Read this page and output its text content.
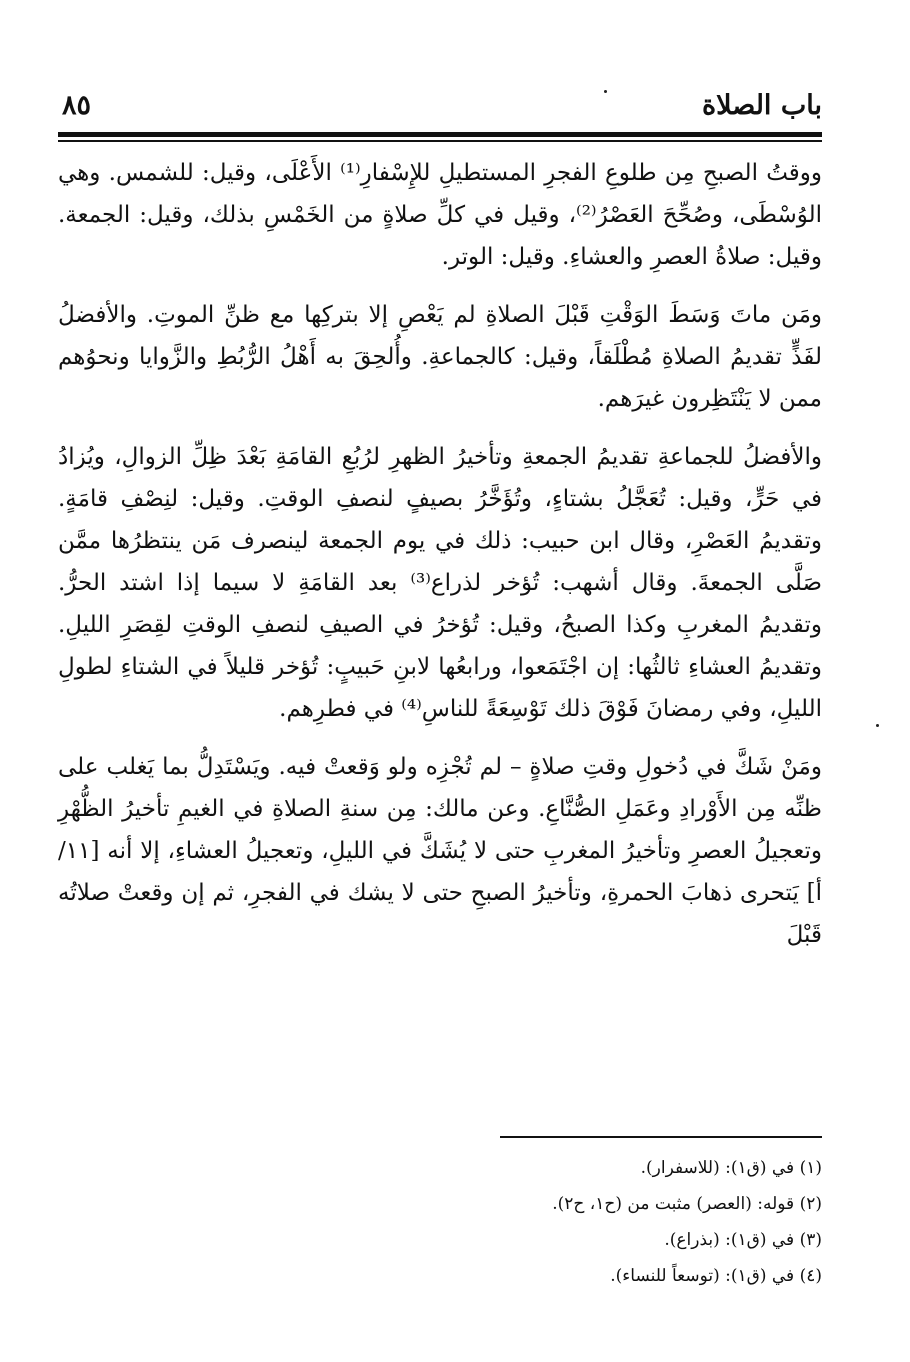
باب الصلاة
٨٥

ووقتُ الصبحِ مِن طلوعِ الفجرِ المستطيلِ للإِسْفارِ⁽¹⁾ الأَعْلَى، وقيل: للشمس. وهي الوُسْطَى، وصُحِّحَ العَصْرُ⁽²⁾، وقيل في كلِّ صلاةٍ من الخَمْسِ بذلك، وقيل: الجمعة. وقيل: صلاةُ العصرِ والعشاءِ. وقيل: الوتر.

ومَن ماتَ وَسَطَ الوَقْتِ قَبْلَ الصلاةِ لم يَعْصِ إلا بتركِها مع ظنِّ الموتِ. والأفضلُ لفَذٍّ تقديمُ الصلاةِ مُطْلَقاً، وقيل: كالجماعةِ. وأُلحِقَ به أَهْلُ الرُّبُطِ والزَّوايا ونحوُهم ممن لا يَنْتَظِرون غيرَهم.

والأفضلُ للجماعةِ تقديمُ الجمعةِ وتأخيرُ الظهرِ لرُبُعِ القامَةِ بَعْدَ ظِلِّ الزوالِ، ويُزادُ في حَرٍّ، وقيل: تُعَجَّلُ بشتاءٍ، وتُؤَخَّرُ بصيفٍ لنصفِ الوقتِ. وقيل: لنِصْفِ قامَةٍ. وتقديمُ العَصْرِ، وقال ابن حبيب: ذلك في يوم الجمعة لينصرف مَن ينتظرُها ممَّن صَلَّى الجمعةَ. وقال أشهب: تُؤخر لذراع⁽³⁾ بعد القامَةِ لا سيما إذا اشتد الحرُّ. وتقديمُ المغربِ وكذا الصبحُ، وقيل: تُؤخرُ في الصيفِ لنصفِ الوقتِ لقِصَرِ الليلِ. وتقديمُ العشاءِ ثالثُها: إن اجْتَمَعوا، ورابعُها لابنِ حَبيبٍ: تُؤخر قليلاً في الشتاءِ لطولِ الليلِ، وفي رمضانَ فَوْقَ ذلك تَوْسِعَةً للناسِ⁽⁴⁾ في فطرِهم.

ومَنْ شَكَّ في دُخولِ وقتِ صلاةٍ – لم تُجْزِه ولو وَقعتْ فيه. ويَسْتَدِلُّ بما يَغلب على ظنِّه مِن الأَوْرادِ وعَمَلِ الصُّنَّاعِ. وعن مالك: مِن سنةِ الصلاةِ في الغيمِ تأخيرُ الظُّهْرِ وتعجيلُ العصرِ وتأخيرُ المغربِ حتى لا يُشَكَّ في الليلِ، وتعجيلُ العشاءِ، إلا أنه [١١/أ] يَتحرى ذهابَ الحمرةِ، وتأخيرُ الصبحِ حتى لا يشك في الفجرِ، ثم إن وقعتْ صلاتُه قَبْلَ

(١) في (ق١): (للاسفرار).
(٢) قوله: (العصر) مثبت من (ح١، ح٢).
(٣) في (ق١): (بذراع).
(٤) في (ق١): (توسعاً للنساء).
